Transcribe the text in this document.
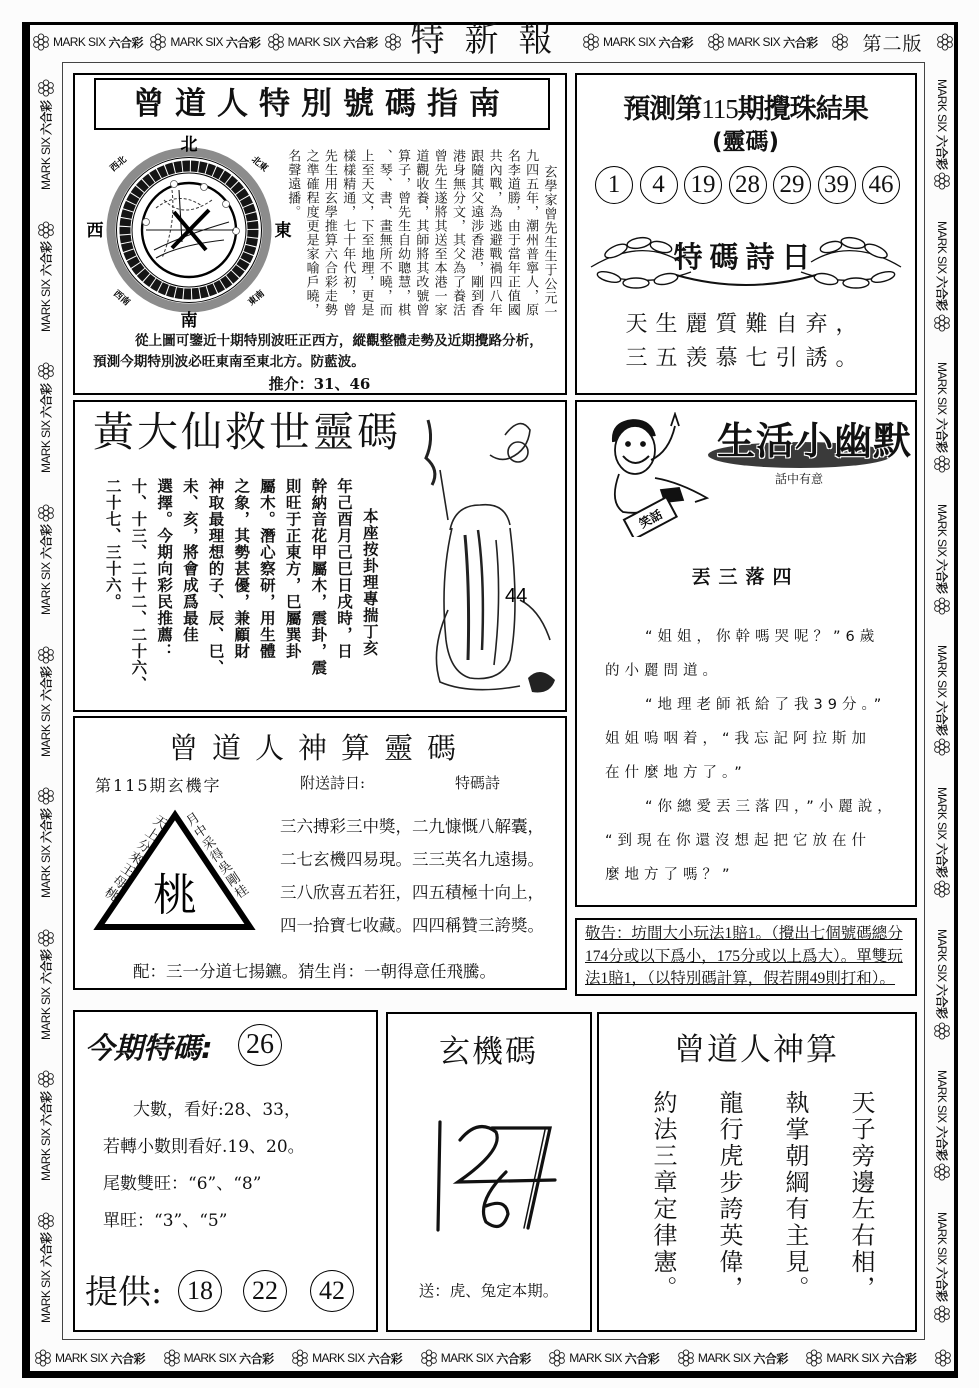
MARK SIX 六合彩 MARK SIX 六合彩 MARK SIX 六合彩 特新報	MARK SIX 六合彩	MARK SIX 六合彩 第二版
MARK SIX
六合彩
MARK SIX
六合彩
MARK SIX
六合彩
MARK SIX
六合彩
MARK SIX
六合彩
MARK SIX
六合彩
MARK SIX
六合彩
MARK SIX
六合彩
MARK SIX
六合彩	MARK SIX
六合彩
MARK SIX
六合彩
MARK SIX
六合彩
MARK SIX
六合彩
MARK SIX
六合彩
MARK SIX
六合彩
MARK SIX
六合彩
MARK SIX
六合彩
MARK SIX
六合彩
曾道人特別號碼指南
北
南
西	東
西北	北東
東南
西南	玄學家曾先生生于公元一
九四五年，潮州普寧人，原
名李道勝，由于當年正值國
共內戰，為逃避戰禍四八年
跟隨其父遠涉香港，剛到香
港身無分文，其父為了養活
曾先生遂將其送至本港一家
道觀收養，其師將其改號曾
算子，曾先生自幼聰慧，棋
、琴、書、畫無所不曉，而
上至天文，下至地理，更是
樣樣精通，七十年代初，曾
先生用玄學推算六合彩走勢
之準確程度更是家喻戶曉，
名聲遠播。
從上圖可鑒近十期特別波旺正西方，縱觀整體走勢及近期攪路分析，預測今期特別波必旺東南至東北方。防藍波。
推介：31、46
預測第115期攪珠結果
(靈碼)
1	4	19 28 29 39 46
特碼詩日
天生麗質難自弃，
三五羡慕七引誘。
黃大仙救世靈碼
本座按卦理專揣丁亥
年己酉月己巳日戌時，日
幹納音花甲屬木，震卦，震
則旺于正東方，巳屬巽卦
屬木。潛心察研，用生體
之象，其勢甚優，兼顧財
神取最理想的子、辰、巳、
未、亥，將會成爲最佳
選擇。今期向彩民推薦：
十、十三、二十二、二十六、
二十七、三十六。	44
笑話
生活小幽默
話中有意
丟三落四
“姐姐，你幹嗎哭呢？”6歲
的小麗問道。
“地理老師祇給了我39分。”
姐姐嗚咽着，“我忘記阿拉斯加
在什麼地方了。”
“你總愛丟三落四，”小麗說，
“到現在你還沒想起把它放在什
麼地方了嗎？”
曾道人神算靈碼
第115期玄機字	附送詩日:	特碼詩
桃
天上分來王母桃 月中采得吳剛桂	三六搏彩三中獎，二九慷慨八解囊，
二七玄機四易現。三三英名九遠揚。
三八欣喜五若狂，四五積極十向上，
四一拾寶七收藏。四四稱贊三誇獎。
配：三一分道七揚鑣。猜生肖：一朝得意任飛騰。
敬告：坊間大小玩法1賠1。（攪出七個號碼總分174分或以下爲小，175分或以上爲大）。單雙玩法1賠1，（以特別碼計算，假若開49則打和）。
今期特碼: 26
大數，看好:28、33，
若轉小數則看好.19、20。
尾數雙旺：“6”、“8”
單旺：“3”、“5”
提供: 18	22	42
玄機碼
送：虎、兔定本期。
曾道人神算
天子旁邊左右相，
執掌朝綱有主見。
龍行虎步誇英偉，
約法三章定律憲。
MARK SIX 六合彩	MARK SIX 六合彩	MARK SIX 六合彩	MARK SIX 六合彩	MARK SIX 六合彩	MARK SIX 六合彩	MARK SIX 六合彩
